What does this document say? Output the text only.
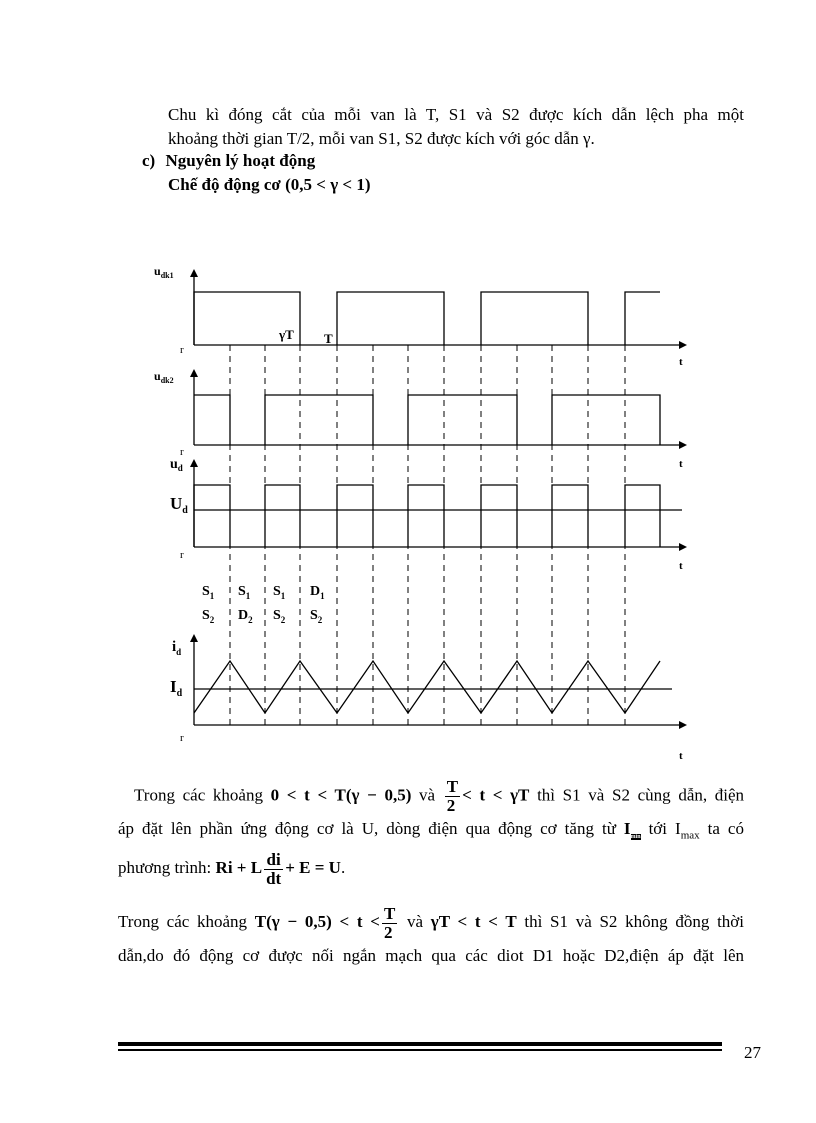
Chu kì đóng cắt của mỗi van là T, S1 và S2 được kích dẫn lệch pha một
khoảng thời gian T/2, mỗi van S1, S2 được kích với góc dẫn γ.
c) Nguyên lý hoạt động
Chế độ động cơ (0,5 < γ < 1)
$u_{dk1}$
$u_{dk2}$
$u_d$
$U_d$
$i_d$
$I_d$
γT T
r
r
r
r
t
t
t
t
$S_1$
$S_2$
$S_1$
$D_2$
$S_1$
$S_2$
$D_1$
$S_2$
Trong các khoảng 0 < t < T(γ − 0,5) và $\frac{T}{2} < t < \gamma T$ thì S1 và S2 cùng dẫn, điện
áp đặt lên phần ứng động cơ là U, dòng điện qua động cơ tăng từ $I_{min}$ tới $I_{max}$ ta có
phương trình: Ri + L $\frac{di}{dt} + E = U$.
Trong các khoảng $T(\gamma - 0,5) < t < \frac{T}{2}$ và γT < t < T thì S1 và S2 không đồng thời
dẫn,do đó động cơ được nối ngắn mạch qua các diot D1 hoặc D2,điện áp đặt lên
27
